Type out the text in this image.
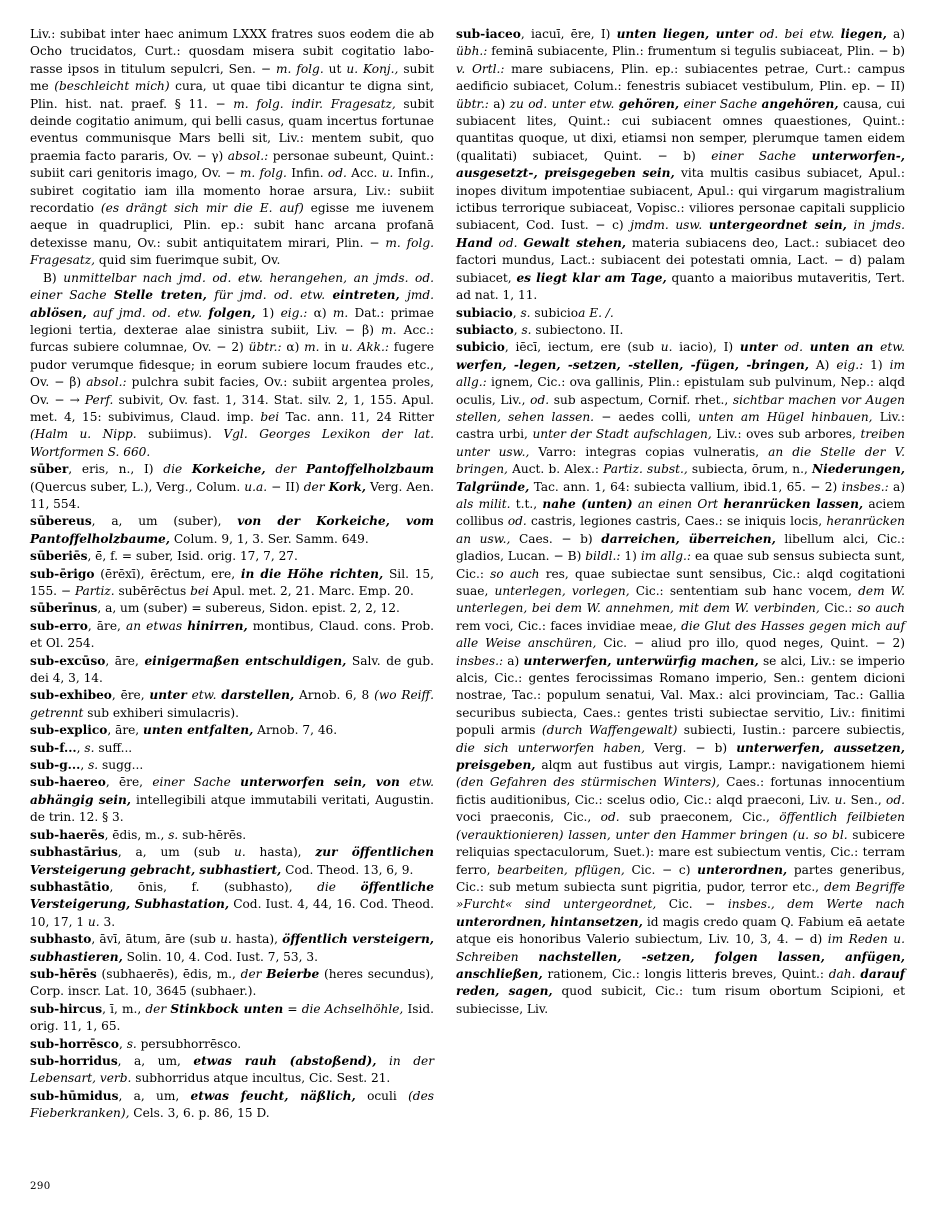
Liv.: subibat inter haec animum LXXX fratres suos eodem die ab Ocho trucidatos, Curt.: quosdam misera subit cogitatio labo-rasse ipsos in titulum sepulcri, Sen. − m. folg. ut u. Konj., subit me (beschleicht mich) cura, ut quae tibi dicantur te digna sint, Plin. hist. nat. praef. § 11. − m. folg. indir. Fragesatz, subit deinde cogitatio animum, qui belli casus, quam incertus fortunae eventus communisque Mars belli sit, Liv.: mentem subit, quo praemia facto pararis, Ov. − γ) absol.: personae subeunt, Quint.: subiit cari genitoris imago, Ov. − m. folg. Infin. od. Acc. u. Infin., subiret cogitatio iam illa momento horae arsura, Liv.: subiit recordatio (es drängt sich mir die E. auf) egisse me iuvenem aeque in quadruplici, Plin. ep.: subit hanc arcana profanā detexisse manu, Ov.: subit antiquitatem mirari, Plin. − m. folg. Fragesatz, quid sim fuerimque subit, Ov.
B) unmittelbar nach jmd. od. etw. herangehen, an jmds. od. einer Sache Stelle treten, für jmd. od. etw. eintreten, jmd. ablösen, auf jmd. od. etw. folgen, 1) eig.: α) m. Dat.: primae legioni tertia, dexterae alae sinistra subiit, Liv. − β) m. Acc.: furcas subiere columnae, Ov. − 2) übtr.: α) m. in u. Akk.: fugere pudor verumque fidesque; in eorum subiere locum fraudes etc., Ov. − β) absol.: pulchra subit facies, Ov.: subiit argentea proles, Ov. − → Perf. subivit, Ov. fast. 1, 314. Stat. silv. 2, 1, 155. Apul. met. 4, 15: subivimus, Claud. imp. bei Tac. ann. 11, 24 Ritter (Halm u. Nipp. subiimus). Vgl. Georges Lexikon der lat. Wortformen S. 660.
sūber, eris, n., I) die Korkeiche, der Pantoffelholzbaum (Quercus suber, L.), Verg., Colum. u.a. − II) der Kork, Verg. Aen. 11, 554.
sūbereus, a, um (suber), von der Korkeiche, vom Pantoffelholzbaume, Colum. 9, 1, 3. Ser. Samm. 649.
sūberiēs, ē̄, f. = suber, Isid. orig. 17, 7, 27.
sub-ērigo (ērēxī), ērēctum, ere, in die Höhe richten, Sil. 15, 155. − Partiz. subērēctus bei Apul. met. 2, 21. Marc. Emp. 20.
sūberīnus, a, um (suber) = subereus, Sidon. epist. 2, 2, 12.
sub-erro, āre, an etwas hinirren, montibus, Claud. cons. Prob. et Ol. 254.
sub-excūso, āre, einigermaßen entschuldigen, Salv. de gub. dei 4, 3, 14.
sub-exhibeo, ēre, unter etw. darstellen, Arnob. 6, 8 (wo Reiff. getrennt sub exhiberi simulacris).
sub-explico, āre, unten entfalten, Arnob. 7, 46.
sub-f..., s. suff...
sub-g..., s. sugg...
sub-haereo, ēre, einer Sache unterworfen sein, von etw. abhängig sein, intellegibili atque immutabili veritati, Augustin. de trin. 12. § 3.
sub-haerēs, ēdis, m., s. sub-hērēs.
subhastārius, a, um (sub u. hasta), zur öffentlichen Versteigerung gebracht, subhastiert, Cod. Theod. 13, 6, 9.
subhastātio, ōnis, f. (subhasto), die öffentliche Versteigerung, Subhastation, Cod. Iust. 4, 44, 16. Cod. Theod. 10, 17, 1 u. 3.
subhasto, āvī, ātum, āre (sub u. hasta), öffentlich versteigern, subhastieren, Solin. 10, 4. Cod. Iust. 7, 53, 3.
sub-hērēs (subhaerēs), ēdis, m., der Beierbe (heres secundus), Corp. inscr. Lat. 10, 3645 (subhaer.).
sub-hircus, ī, m., der Stinkbock unten = die Achselhöhle, Isid. orig. 11, 1, 65.
sub-horrēsco, s. persubhorrēsco.
sub-horridus, a, um, etwas rauh (abstoßend), in der Lebensart, verb. subhorridus atque incultus, Cic. Sest. 21.
sub-hūmidus, a, um, etwas feucht, näßlich, oculi (des Fieberkranken), Cels. 3, 6. p. 86, 15 D.
sub-iaceo, iacuī, ēre, I) unten liegen, unter od. bei etw. liegen, a) übh.: feminā subiacente, Plin.: frumentum si tegulis subiaceat, Plin. − b) v. Ortl.: mare subiacens, Plin. ep.: subiacentes petrae, Curt.: campus aedificio subiacet, Colum.: fenestris subiacet vestibulum, Plin. ep. − II) übtr.: a) zu od. unter etw. gehören, einer Sache angehören, causa, cui subiacent lites, Quint.: cui subiacent omnes quaestiones, Quint.: quantitas quoque, ut dixi, etiamsi non semper, plerumque tamen eidem (qualitati) subiacet, Quint. − b) einer Sache unterworfen-, ausgesetzt-, preisgegeben sein, vita multis casibus subiacet, Apul.: inopes divitum impotentiae subiacent, Apul.: qui virgarum magistralium ictibus terrorique subiaceat, Vopisc.: viliores personae capitali supplicio subiacent, Cod. Iust. − c) jmdm. usw. untergeordnet sein, in jmds. Hand od. Gewalt stehen, materia subiacens deo, Lact.: subiacet deo factori mundus, Lact.: subiacent dei potestati omnia, Lact. − d) palam subiacet, es liegt klar am Tage, quanto a maioribus mutaveritis, Tert. ad nat. 1, 11.
subiacio, s. subicioa E. /.
subiacto, s. subiectono. II.
subicio, iēcī, iectum, ere (sub u. iacio), I) unter od. unten an etw. werfen, -legen, -setzen, -stellen, -fügen, -bringen, A) eig.: 1) im allg.: ignem, Cic.: ova gallinis, Plin.: epistulam sub pulvinum, Nep.: alqd oculis, Liv., od. sub aspectum, Cornif. rhet., sichtbar machen vor Augen stellen, sehen lassen. − aedes colli, unten am Hügel hinbauen, Liv.: castra urbi, unter der Stadt aufschlagen, Liv.: oves sub arbores, treiben unter usw., Varro: integras copias vulneratis, an die Stelle der V. bringen, Auct. b. Alex.: Partiz. subst., subiecta, ōrum, n., Niederungen, Talgründe, Tac. ann. 1, 64: subiecta vallium, ibid.1, 65. − 2) insbes.: a) als milit. t.t., nahe (unten) an einen Ort heranrücken lassen, aciem collibus od. castris, legiones castris, Caes.: se iniquis locis, heranrücken an usw., Caes. − b) darreichen, überreichen, libellum alci, Cic.: gladios, Lucan. − B) bildl.: 1) im allg.: ea quae sub sensus subiecta sunt, Cic.: so auch res, quae subiectae sunt sensibus, Cic.: alqd cogitationi suae, unterlegen, vorlegen, Cic.: sententiam sub hanc vocem, dem W. unterlegen, bei dem W. annehmen, mit dem W. verbinden, Cic.: so auch rem voci, Cic.: faces invidiae meae, die Glut des Hasses gegen mich auf alle Weise anschüren, Cic. − aliud pro illo, quod neges, Quint. − 2) insbes.: a) unterwerfen, unterwürfig machen, se alci, Liv.: se imperio alcis, Cic.: gentes ferocissimas Romano imperio, Sen.: gentem dicioni nostrae, Tac.: populum senatui, Val. Max.: alci provinciam, Tac.: Gallia securibus subiecta, Caes.: gentes tristi subiectae servitio, Liv.: finitimi populi armis (durch Waffengewalt) subiecti, Iustin.: parcere subiectis, die sich unterworfen haben, Verg. − b) unterwerfen, aussetzen, preisgeben, alqm aut fustibus aut virgis, Lampr.: navigationem hiemi (den Gefahren des stürmischen Winters), Caes.: fortunas innocentium fictis auditionibus, Cic.: scelus odio, Cic.: alqd praeconi, Liv. u. Sen., od. voci praeconis, Cic., od. sub praeconem, Cic., öffentlich feilbieten (verauktionieren) lassen, unter den Hammer bringen (u. so bl. subicere reliquias spectaculorum, Suet.): mare est subiectum ventis, Cic.: terram ferro, bearbeiten, pflügen, Cic. − c) unterordnen, partes generibus, Cic.: sub metum subiecta sunt pigritia, pudor, terror etc., dem Begriffe »Furcht« sind untergeordnet, Cic. − insbes., dem Werte nach unterordnen, hintansetzen, id magis credo quam Q. Fabium eā aetate atque eis honoribus Valerio subiectum, Liv. 10, 3, 4. − d) im Reden u. Schreiben nachstellen, -setzen, folgen lassen, anfügen, anschließen, rationem, Cic.: longis litteris breves, Quint.: dah. darauf reden, sagen, quod subicit, Cic.: tum risum obortum Scipioni, et subiecisse, Liv.
290
